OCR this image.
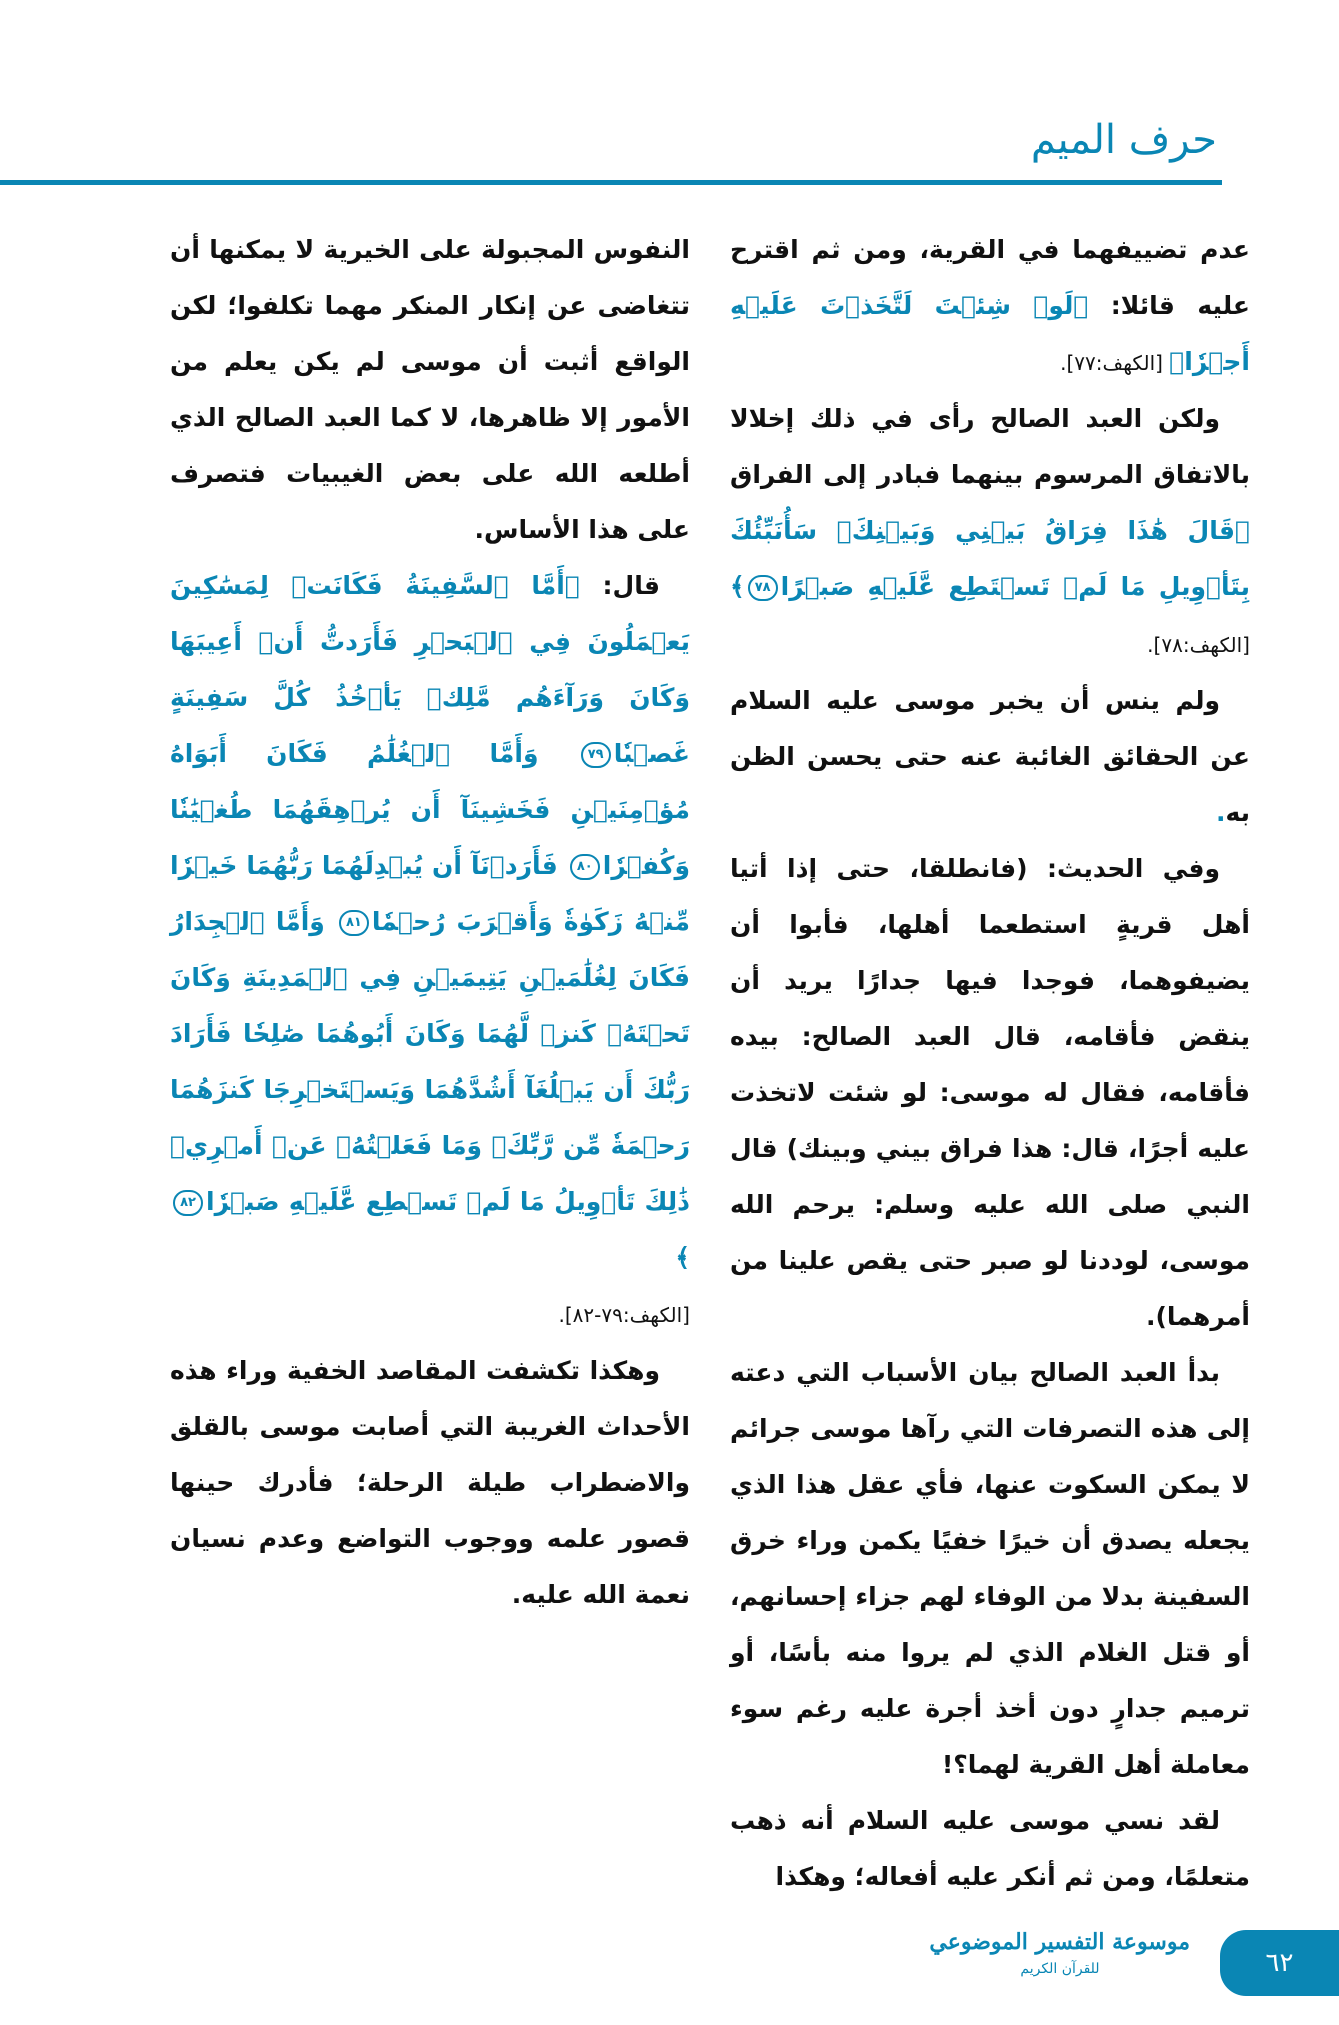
حرف الميم

عدم تضييفهما في القرية، ومن ثم اقترح عليه قائلا: ﴿لَوۡ شِئۡتَ لَتَّخَذۡتَ عَلَيۡهِ أَجۡرٗا﴾ [الكهف:٧٧].

ولكن العبد الصالح رأى في ذلك إخلالا بالاتفاق المرسوم بينهما فبادر إلى الفراق ﴿قَالَ هَٰذَا فِرَاقُ بَيۡنِي وَبَيۡنِكَۚ سَأُنَبِّئُكَ بِتَأۡوِيلِ مَا لَمۡ تَسۡتَطِع عَّلَيۡهِ صَبۡرًا٧٨﴾ [الكهف:٧٨].

ولم ينس أن يخبر موسى عليه السلام عن الحقائق الغائبة عنه حتى يحسن الظن به.

وفي الحديث: (فانطلقا، حتى إذا أتيا أهل قريةٍ استطعما أهلها، فأبوا أن يضيفوهما، فوجدا فيها جدارًا يريد أن ينقض فأقامه، قال العبد الصالح: بيده فأقامه، فقال له موسى: لو شئت لاتخذت عليه أجرًا، قال: هذا فراق بيني وبينك) قال النبي صلى الله عليه وسلم: يرحم الله موسى، لوددنا لو صبر حتى يقص علينا من أمرهما).

بدأ العبد الصالح بيان الأسباب التي دعته إلى هذه التصرفات التي رآها موسى جرائم لا يمكن السكوت عنها، فأي عقل هذا الذي يجعله يصدق أن خيرًا خفيًا يكمن وراء خرق السفينة بدلا من الوفاء لهم جزاء إحسانهم، أو قتل الغلام الذي لم يروا منه بأسًا، أو ترميم جدارٍ دون أخذ أجرة عليه رغم سوء معاملة أهل القرية لهما؟!

لقد نسي موسى عليه السلام أنه ذهب متعلمًا، ومن ثم أنكر عليه أفعاله؛ وهكذا

النفوس المجبولة على الخيرية لا يمكنها أن تتغاضى عن إنكار المنكر مهما تكلفوا؛ لكن الواقع أثبت أن موسى لم يكن يعلم من الأمور إلا ظاهرها، لا كما العبد الصالح الذي أطلعه الله على بعض الغيبيات فتصرف على هذا الأساس.

قال: ﴿أَمَّا ٱلسَّفِينَةُ فَكَانَتۡ لِمَسَٰكِينَ يَعۡمَلُونَ فِي ٱلۡبَحۡرِ فَأَرَدتُّ أَنۡ أَعِيبَهَا وَكَانَ وَرَآءَهُم مَّلِكٞ يَأۡخُذُ كُلَّ سَفِينَةٍ غَصۡبٗا٧٩ وَأَمَّا ٱلۡغُلَٰمُ فَكَانَ أَبَوَاهُ مُؤۡمِنَيۡنِ فَخَشِينَآ أَن يُرۡهِقَهُمَا طُغۡيَٰنٗا وَكُفۡرٗا٨٠ فَأَرَدۡنَآ أَن يُبۡدِلَهُمَا رَبُّهُمَا خَيۡرٗا مِّنۡهُ زَكَوٰةٗ وَأَقۡرَبَ رُحۡمٗا٨١ وَأَمَّا ٱلۡجِدَارُ فَكَانَ لِغُلَٰمَيۡنِ يَتِيمَيۡنِ فِي ٱلۡمَدِينَةِ وَكَانَ تَحۡتَهُۥ كَنزٞ لَّهُمَا وَكَانَ أَبُوهُمَا صَٰلِحٗا فَأَرَادَ رَبُّكَ أَن يَبۡلُغَآ أَشُدَّهُمَا وَيَسۡتَخۡرِجَا كَنزَهُمَا رَحۡمَةٗ مِّن رَّبِّكَۚ وَمَا فَعَلۡتُهُۥ عَنۡ أَمۡرِيۚ ذَٰلِكَ تَأۡوِيلُ مَا لَمۡ تَسۡطِع عَّلَيۡهِ صَبۡرٗا٨٢﴾

[الكهف:٧٩-٨٢].

وهكذا تكشفت المقاصد الخفية وراء هذه الأحداث الغريبة التي أصابت موسى بالقلق والاضطراب طيلة الرحلة؛ فأدرك حينها قصور علمه ووجوب التواضع وعدم نسيان نعمة الله عليه.

موسوعة التفسير الموضوعي
للقرآن الكريم	٦٢
